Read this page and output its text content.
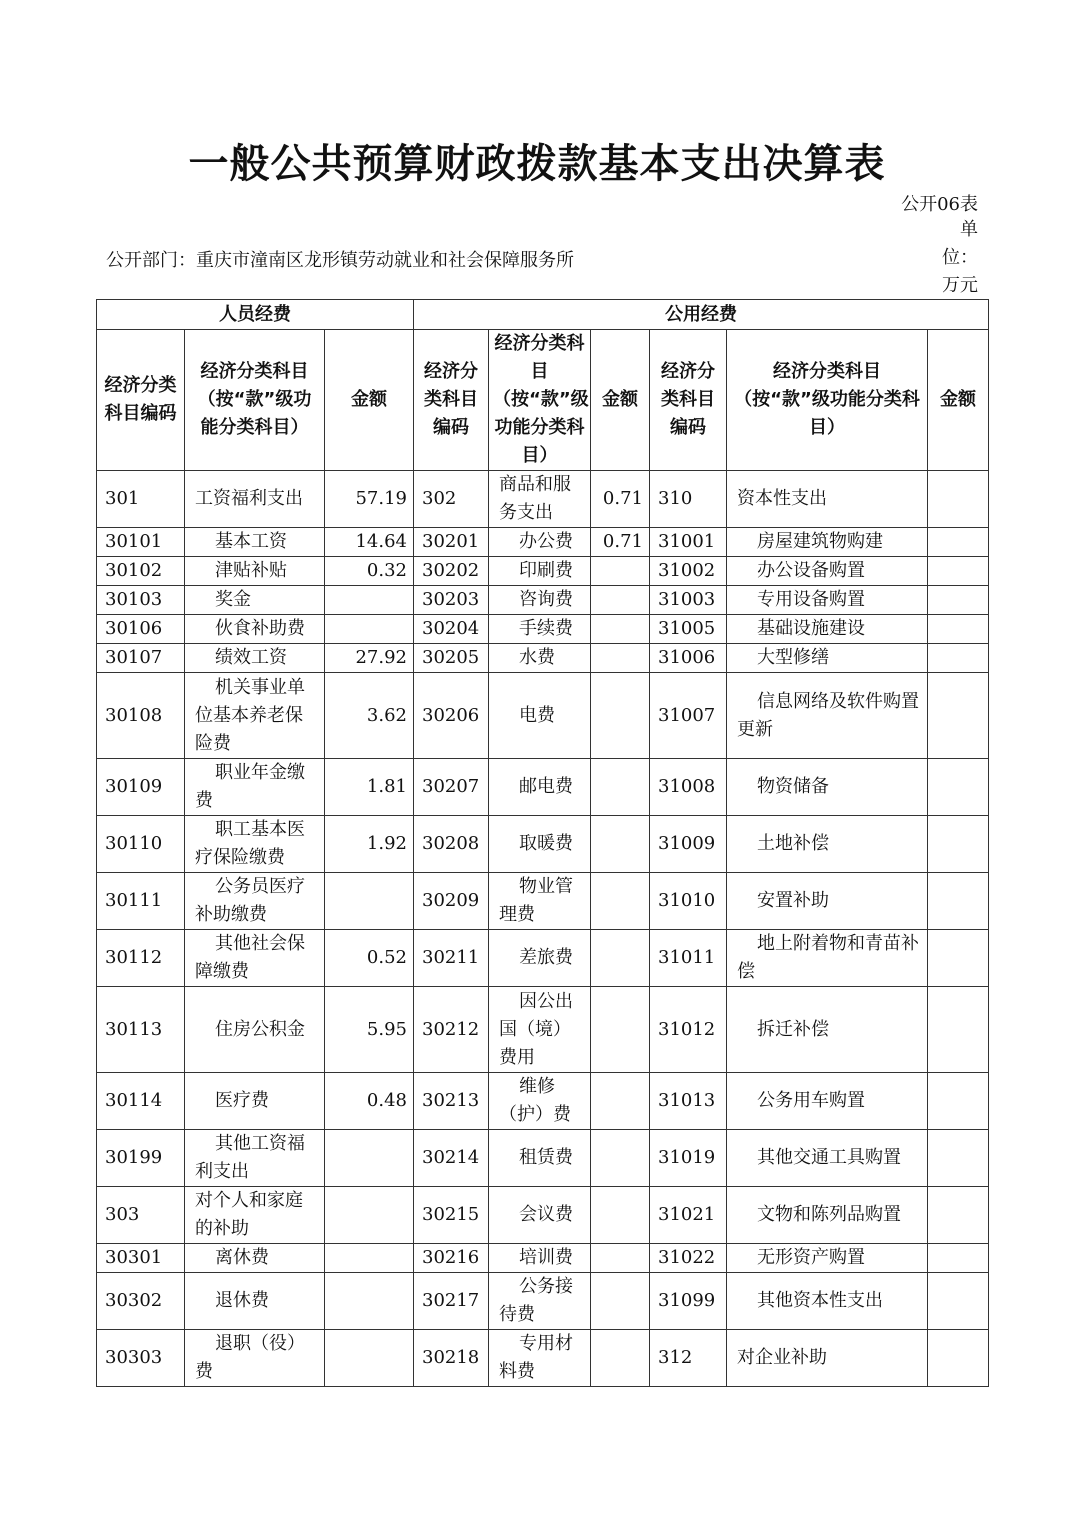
一般公共预算财政拨款基本支出决算表
公开06表
单位：万元
公开部门：重庆市潼南区龙形镇劳动就业和社会保障服务所
人员经费			公用经费					
经济分类科目编码	经济分类科目（按“款”级功能分类科目）	金额	经济分类科目编码	经济分类科目（按“款”级功能分类科目）	金额	经济分类科目编码	经济分类科目（按“款”级功能分类科目）	金额
301	工资福利支出	57.19	302	商品和服务支出	0.71	310	资本性支出	
30101	基本工资	14.64	30201	办公费	0.71	31001	房屋建筑物购建	
30102	津贴补贴	0.32	30202	印刷费		31002	办公设备购置	
30103	奖金		30203	咨询费		31003	专用设备购置	
30106	伙食补助费		30204	手续费		31005	基础设施建设	
30107	绩效工资	27.92	30205	水费		31006	大型修缮	
30108	机关事业单位基本养老保险费	3.62	30206	电费		31007	信息网络及软件购置更新	
30109	职业年金缴费	1.81	30207	邮电费		31008	物资储备	
30110	职工基本医疗保险缴费	1.92	30208	取暖费		31009	土地补偿	
30111	公务员医疗补助缴费		30209	物业管理费		31010	安置补助	
30112	其他社会保障缴费	0.52	30211	差旅费		31011	地上附着物和青苗补偿	
30113	住房公积金	5.95	30212	因公出国（境）费用		31012	拆迁补偿	
30114	医疗费	0.48	30213	维修（护）费		31013	公务用车购置	
30199	其他工资福利支出		30214	租赁费		31019	其他交通工具购置	
303	对个人和家庭的补助		30215	会议费		31021	文物和陈列品购置	
30301	离休费		30216	培训费		31022	无形资产购置	
30302	退休费		30217	公务接待费		31099	其他资本性支出	
30303	退职（役）费		30218	专用材料费		312	对企业补助	
